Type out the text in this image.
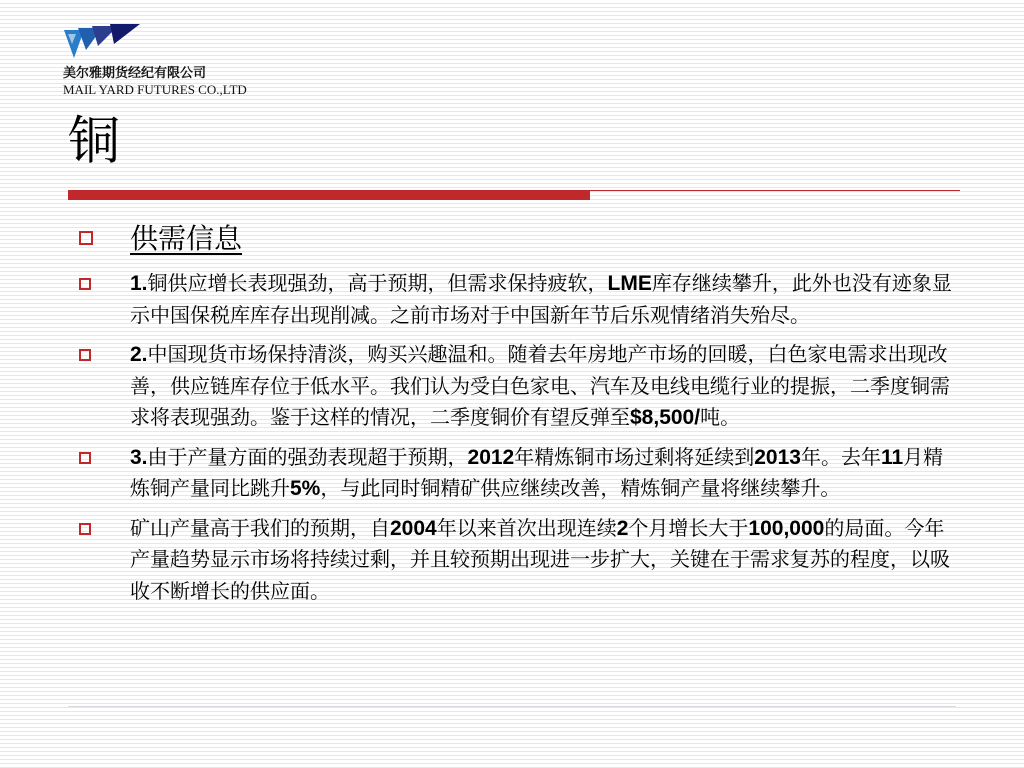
美尔雅期货经纪有限公司
MAIL YARD FUTURES CO.,LTD
铜
供需信息
1.铜供应增长表现强劲，高于预期，但需求保持疲软，LME库存继续攀升，此外也没有迹象显示中国保税库库存出现削减。之前市场对于中国新年节后乐观情绪消失殆尽。
2.中国现货市场保持清淡，购买兴趣温和。随着去年房地产市场的回暖，白色家电需求出现改善，供应链库存位于低水平。我们认为受白色家电、汽车及电线电缆行业的提振，二季度铜需求将表现强劲。鉴于这样的情况，二季度铜价有望反弹至$8,500/吨。
3.由于产量方面的强劲表现超于预期，2012年精炼铜市场过剩将延续到2013年。去年11月精炼铜产量同比跳升5%，与此同时铜精矿供应继续改善，精炼铜产量将继续攀升。
矿山产量高于我们的预期，自2004年以来首次出现连续2个月增长大于100,000的局面。今年产量趋势显示市场将持续过剩，并且较预期出现进一步扩大，关键在于需求复苏的程度，以吸收不断增长的供应面。
